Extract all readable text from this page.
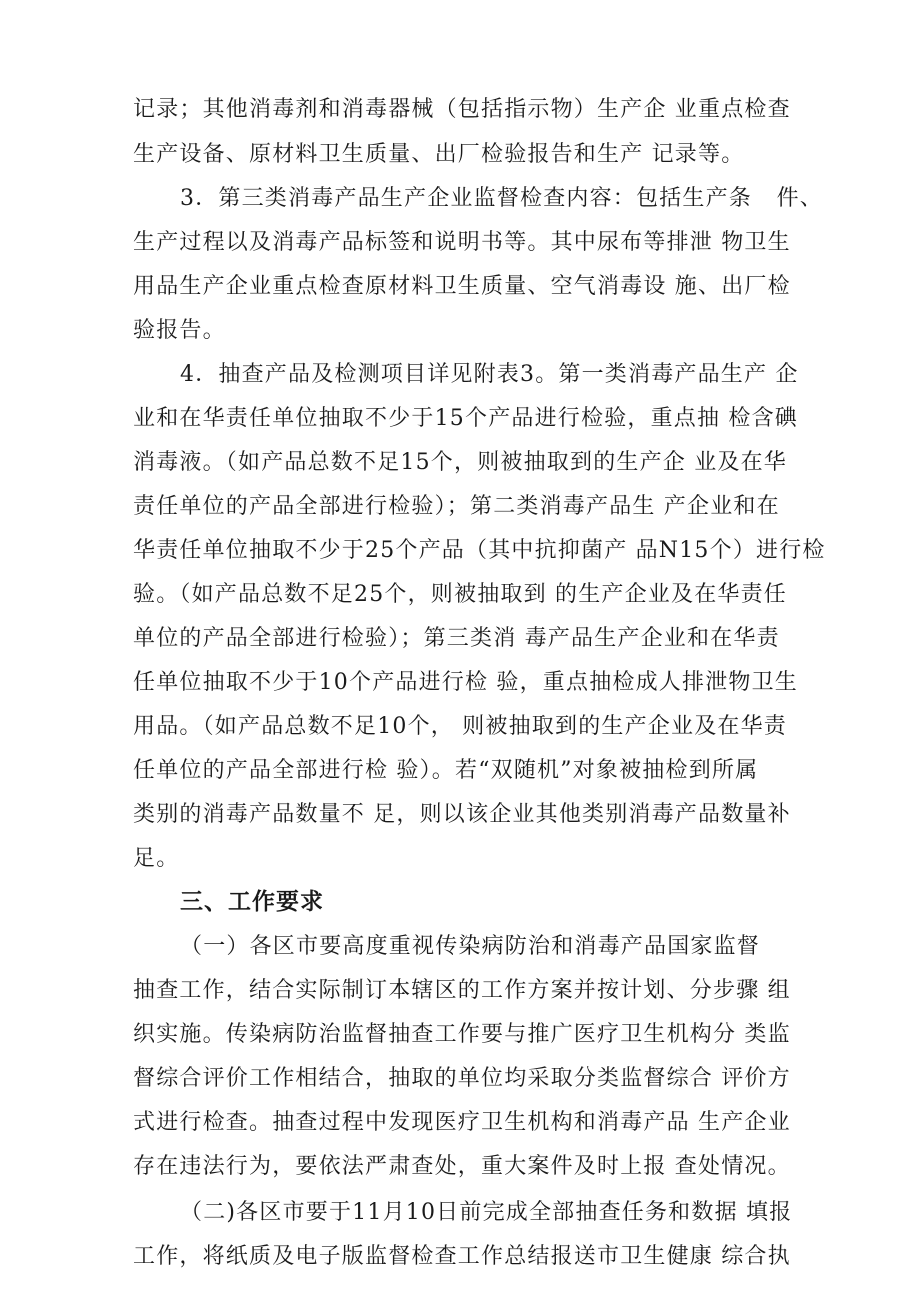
记录；其他消毒剂和消毒器械（包括指示物）生产企 业重点检查
生产设备、原材料卫生质量、出厂检验报告和生产 记录等。
3．第三类消毒产品生产企业监督检查内容：包括生产条   件、
生产过程以及消毒产品标签和说明书等。其中尿布等排泄 物卫生
用品生产企业重点检查原材料卫生质量、空气消毒设 施、出厂检
验报告。
4．抽查产品及检测项目详见附表3。第一类消毒产品生产 企
业和在华责任单位抽取不少于15个产品进行检验，重点抽 检含碘
消毒液。（如产品总数不足15个，则被抽取到的生产企 业及在华
责任单位的产品全部进行检验）；第二类消毒产品生 产企业和在
华责任单位抽取不少于25个产品（其中抗抑菌产 品N15个）进行检
验。（如产品总数不足25个，则被抽取到 的生产企业及在华责任
单位的产品全部进行检验）；第三类消 毒产品生产企业和在华责
任单位抽取不少于10个产品进行检 验，重点抽检成人排泄物卫生
用品。（如产品总数不足10个， 则被抽取到的生产企业及在华责
任单位的产品全部进行检 验）。若“双随机”对象被抽检到所属
类别的消毒产品数量不 足，则以该企业其他类别消毒产品数量补
足。
三、工作要求
（一）各区市要高度重视传染病防治和消毒产品国家监督
抽查工作，结合实际制订本辖区的工作方案并按计划、分步骤 组
织实施。传染病防治监督抽查工作要与推广医疗卫生机构分 类监
督综合评价工作相结合，抽取的单位均采取分类监督综合 评价方
式进行检查。抽查过程中发现医疗卫生机构和消毒产品 生产企业
存在违法行为，要依法严肃查处，重大案件及时上报 查处情况。
（二)各区市要于11月10日前完成全部抽查任务和数据 填报
工作，将纸质及电子版监督检查工作总结报送市卫生健康 综合执
